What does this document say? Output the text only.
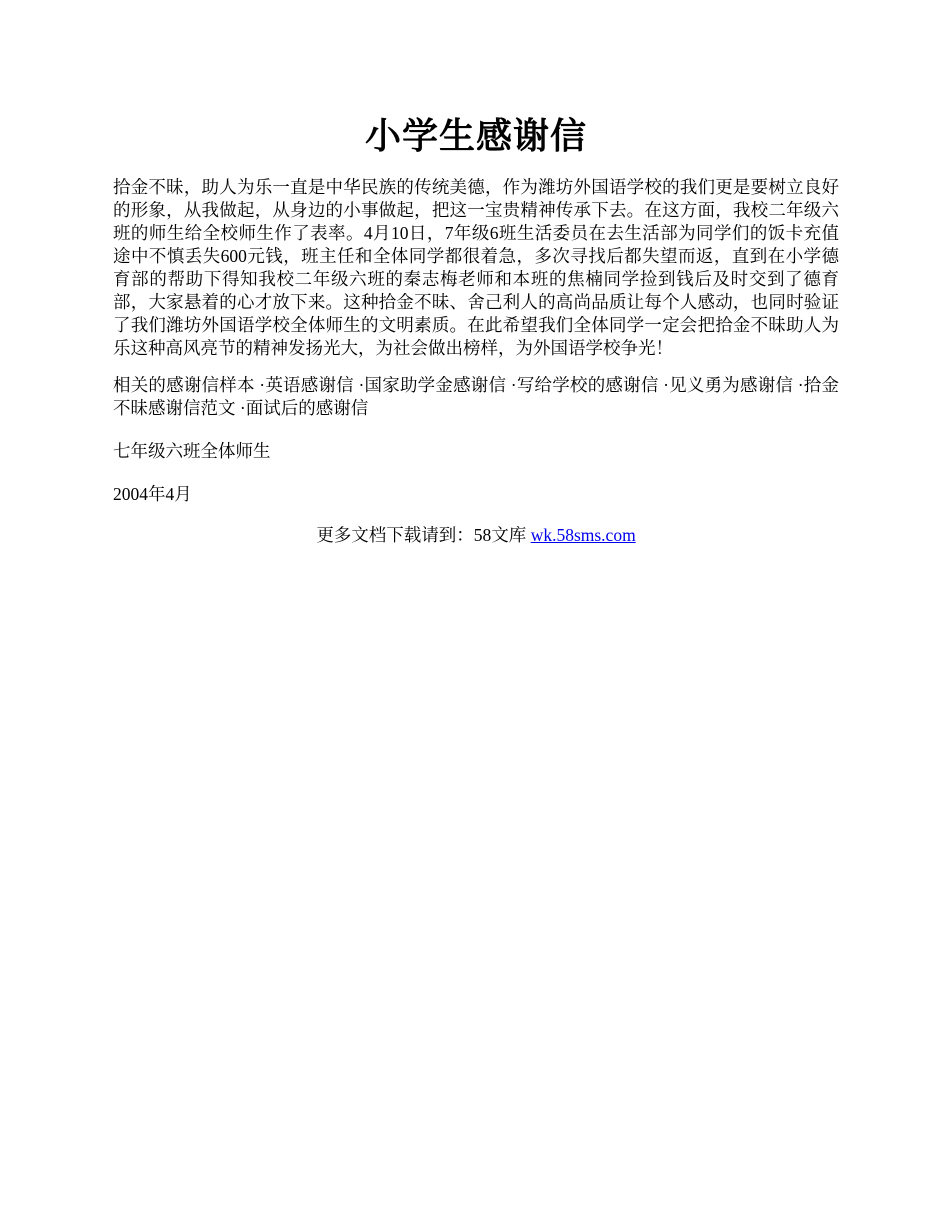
小学生感谢信

拾金不昧，助人为乐一直是中华民族的传统美德，作为潍坊外国语学校的我们更是要树立良好的形象，从我做起，从身边的小事做起，把这一宝贵精神传承下去。在这方面，我校二年级六班的师生给全校师生作了表率。4月10日，7年级6班生活委员在去生活部为同学们的饭卡充值途中不慎丢失600元钱，班主任和全体同学都很着急，多次寻找后都失望而返，直到在小学德育部的帮助下得知我校二年级六班的秦志梅老师和本班的焦楠同学捡到钱后及时交到了德育部，大家悬着的心才放下来。这种拾金不昧、舍己利人的高尚品质让每个人感动，也同时验证了我们潍坊外国语学校全体师生的文明素质。在此希望我们全体同学一定会把拾金不昧助人为乐这种高风亮节的精神发扬光大，为社会做出榜样，为外国语学校争光！

相关的感谢信样本 ·英语感谢信 ·国家助学金感谢信 ·写给学校的感谢信 ·见义勇为感谢信 ·拾金不昧感谢信范文 ·面试后的感谢信

七年级六班全体师生

2004年4月

更多文档下载请到：58文库 wk.58sms.com
